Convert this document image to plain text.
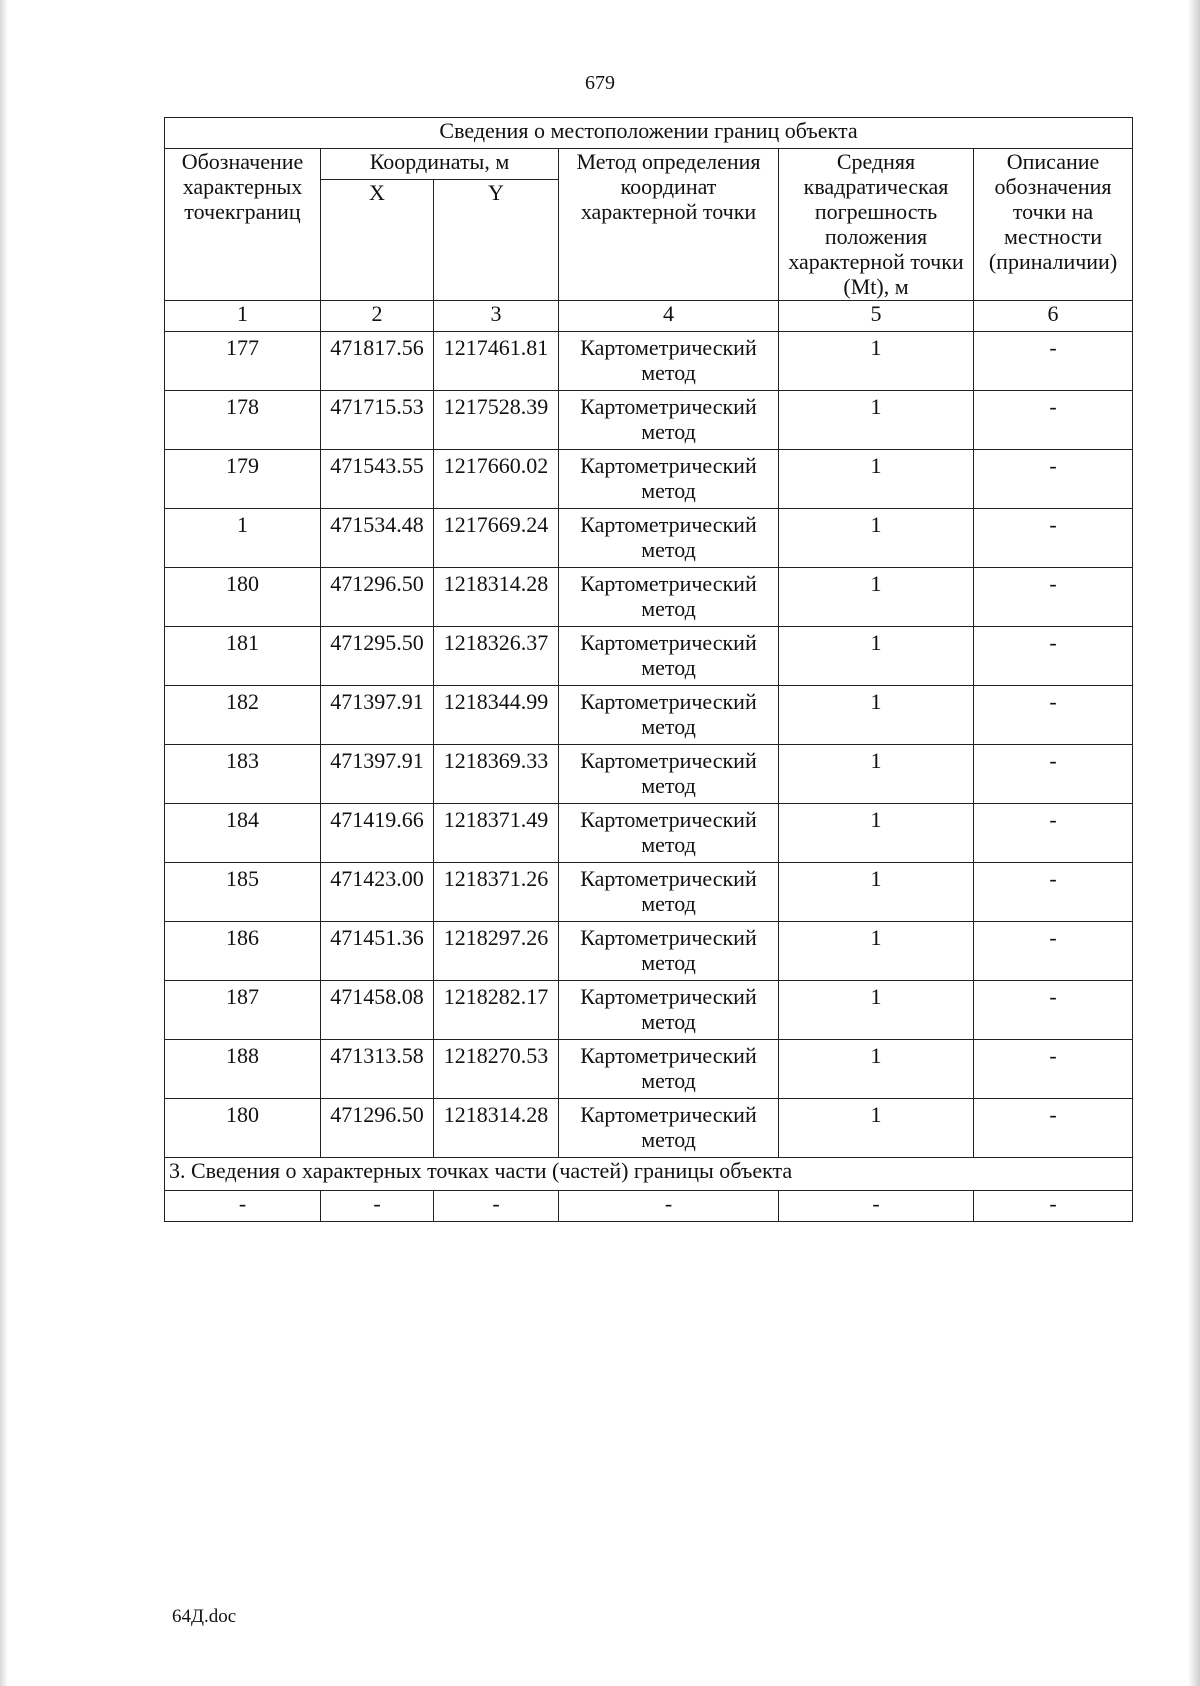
679
Сведения о местоположении границ объекта					
Обозначение характерных точекграниц	Координаты, м		Метод определения координат характерной точки	Средняя квадратическая погрешность положения характерной точки (Mt), м	Описание обозначения точки на местности (приналичии)
	X	Y			
1	2	3	4	5	6
177	471817.56	1217461.81	Картометрический метод	1	-
178	471715.53	1217528.39	Картометрический метод	1	-
179	471543.55	1217660.02	Картометрический метод	1	-
1	471534.48	1217669.24	Картометрический метод	1	-
180	471296.50	1218314.28	Картометрический метод	1	-
181	471295.50	1218326.37	Картометрический метод	1	-
182	471397.91	1218344.99	Картометрический метод	1	-
183	471397.91	1218369.33	Картометрический метод	1	-
184	471419.66	1218371.49	Картометрический метод	1	-
185	471423.00	1218371.26	Картометрический метод	1	-
186	471451.36	1218297.26	Картометрический метод	1	-
187	471458.08	1218282.17	Картометрический метод	1	-
188	471313.58	1218270.53	Картометрический метод	1	-
180	471296.50	1218314.28	Картометрический метод	1	-
3. Сведения о характерных точках части (частей) границы объекта					
-	-	-	-	-	-
64Д.doc
